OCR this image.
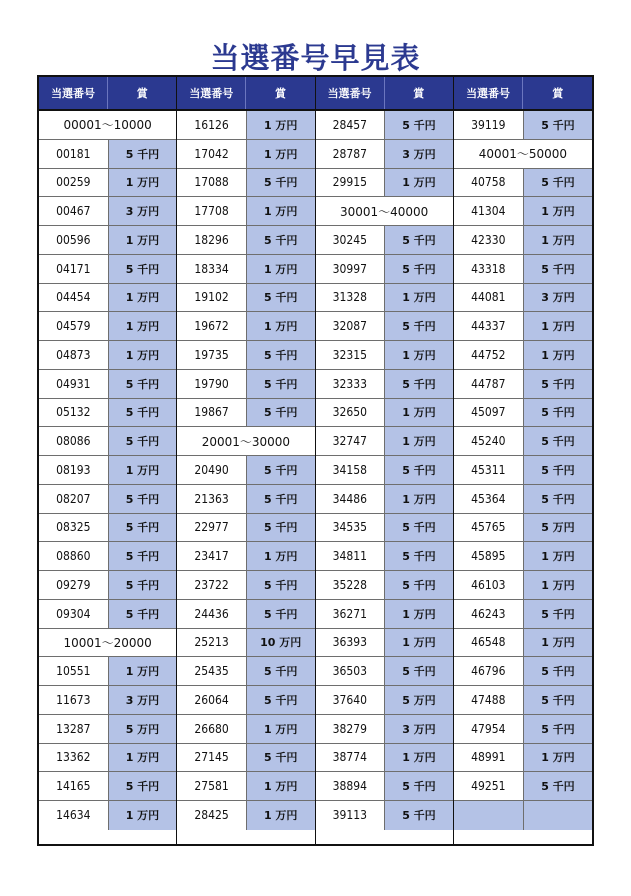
当選番号早見表
当選番号	賞
00001～10000
00181	5 千円
00259	1 万円
00467	3 万円
00596	1 万円
04171	5 千円
04454	1 万円
04579	1 万円
04873	1 万円
04931	5 千円
05132	5 千円
08086	5 千円
08193	1 万円
08207	5 千円
08325	5 千円
08860	5 千円
09279	5 千円
09304	5 千円
10001～20000
10551	1 万円
11673	3 万円
13287	5 万円
13362	1 万円
14165	5 千円
14634	1 万円
当選番号	賞
16126	1 万円
17042	1 万円
17088	5 千円
17708	1 万円
18296	5 千円
18334	1 万円
19102	5 千円
19672	1 万円
19735	5 千円
19790	5 千円
19867	5 千円
20001～30000
20490	5 千円
21363	5 千円
22977	5 千円
23417	1 万円
23722	5 千円
24436	5 千円
25213	10 万円
25435	5 千円
26064	5 千円
26680	1 万円
27145	5 千円
27581	1 万円
28425	1 万円
当選番号	賞
28457	5 千円
28787	3 万円
29915	1 万円
30001～40000
30245	5 千円
30997	5 千円
31328	1 万円
32087	5 千円
32315	1 万円
32333	5 千円
32650	1 万円
32747	1 万円
34158	5 千円
34486	1 万円
34535	5 千円
34811	5 千円
35228	5 千円
36271	1 万円
36393	1 万円
36503	5 千円
37640	5 万円
38279	3 万円
38774	1 万円
38894	5 千円
39113	5 千円
当選番号	賞
39119	5 千円
40001～50000
40758	5 千円
41304	1 万円
42330	1 万円
43318	5 千円
44081	3 万円
44337	1 万円
44752	1 万円
44787	5 千円
45097	5 千円
45240	5 千円
45311	5 千円
45364	5 千円
45765	5 万円
45895	1 万円
46103	1 万円
46243	5 千円
46548	1 万円
46796	5 千円
47488	5 千円
47954	5 千円
48991	1 万円
49251	5 千円
